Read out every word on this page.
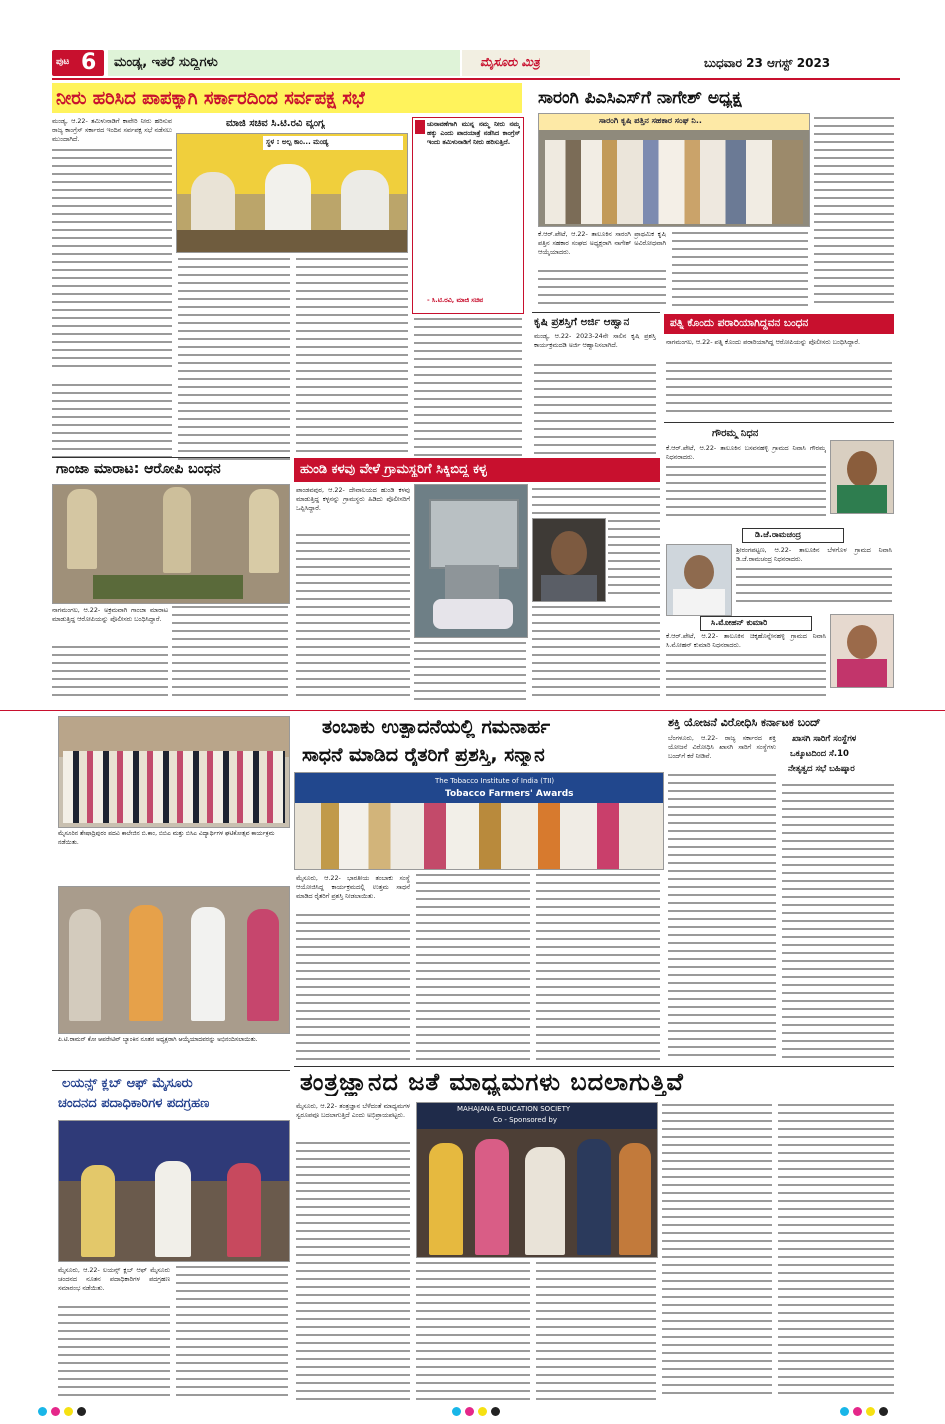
ಪುಟ 6 ಮಂಡ್ಯ, ಇತರೆ ಸುದ್ದಿಗಳು	ಮೈಸೂರು ಮಿತ್ರ	ಬುಧವಾರ 23 ಆಗಸ್ಟ್ 2023
ನೀರು ಹರಿಸಿದ ಪಾಪಕ್ಕಾಗಿ ಸರ್ಕಾರದಿಂದ ಸರ್ವಪಕ್ಷ ಸಭೆ
ಮಂಡ್ಯ, ಆ.22- ತಮಿಳುನಾಡಿಗೆ ಕಾವೇರಿ ನೀರು ಹರಿಸುವ ರಾಜ್ಯ ಕಾಂಗ್ರೆಸ್ ಸರ್ಕಾರದ ಇಂದಿನ ಸರ್ವಪಕ್ಷ ಸಭೆ ನಡೆಸಲು ಮುಂದಾಗಿದೆ.
ಮಾಜಿ ಸಚಿವ ಸಿ.ಟಿ.ರವಿ ವ್ಯಂಗ್ಯ
ಸ್ಥಳ : ಅಲ್ಪ ಕಾಂ... ಮಂಡ್ಯ
ಚುನಾವಣೆಗಾಗಿ ಮುನ್ನ ನಮ್ಮ ನೀರು ನಮ್ಮ ಹಕ್ಕು ಎಂದು ಪಾದಯಾತ್ರೆ ನಡೆಸಿದ ಕಾಂಗ್ರೆಸ್ ಇಂದು ತಮಿಳುನಾಡಿಗೆ ನೀರು ಹರಿಸುತ್ತಿದೆ.
- ಸಿ.ಟಿ.ರವಿ, ಮಾಜಿ ಸಚಿವ
ಸಾರಂಗಿ ಪಿಎಸಿಎಸ್‌ಗೆ ನಾಗೇಶ್ ಅಧ್ಯಕ್ಷ
ಸಾರಂಗಿ ಕೃಷಿ ಪತ್ತಿನ ಸಹಕಾರ ಸಂಘ ನಿ..
ಕೆ.ಆರ್.ಪೇಟೆ, ಆ.22- ತಾಲೂಕಿನ ಸಾರಂಗಿ ಪ್ರಾಥಮಿಕ ಕೃಷಿ ಪತ್ತಿನ ಸಹಕಾರ ಸಂಘದ ಅಧ್ಯಕ್ಷರಾಗಿ ನಾಗೇಶ್ ಅವಿರೋಧವಾಗಿ ಆಯ್ಕೆಯಾದರು.
ಕೃಷಿ ಪ್ರಶಸ್ತಿಗೆ ಅರ್ಜಿ ಆಹ್ವಾನ
ಮಂಡ್ಯ, ಆ.22- 2023-24ನೇ ಸಾಲಿನ ಕೃಷಿ ಪ್ರಶಸ್ತಿ ಕಾರ್ಯಕ್ರಮದಡಿ ಅರ್ಜಿ ಆಹ್ವಾನಿಸಲಾಗಿದೆ.
ಪತ್ನಿ ಕೊಂದು ಪರಾರಿಯಾಗಿದ್ದವನ ಬಂಧನ
ನಾಗಮಂಗಲ, ಆ.22- ಪತ್ನಿ ಕೊಂದು ಪರಾರಿಯಾಗಿದ್ದ ಆರೋಪಿಯನ್ನು ಪೊಲೀಸರು ಬಂಧಿಸಿದ್ದಾರೆ.
ಗೌರಮ್ಮ ನಿಧನ
ಕೆ.ಆರ್.ಪೇಟೆ, ಆ.22- ತಾಲೂಕಿನ ಬಸವನಹಳ್ಳಿ ಗ್ರಾಮದ ನಿವಾಸಿ ಗೌರಮ್ಮ ನಿಧನರಾದರು.
ಡಿ.ಜೆ.ರಾಮಚಂದ್ರ
ಶ್ರೀರಂಗಪಟ್ಟಣ, ಆ.22- ತಾಲೂಕಿನ ಬೆಳಗೊಳ ಗ್ರಾಮದ ನಿವಾಸಿ ಡಿ.ಜೆ.ರಾಮಚಂದ್ರ ನಿಧನರಾದರು.
ಸಿ.ಮೋಹನ್ ಕುಮಾರಿ
ಕೆ.ಆರ್.ಪೇಟೆ, ಆ.22- ತಾಲೂಕಿನ ಚಿಕ್ಕಹೊನ್ನೇನಹಳ್ಳಿ ಗ್ರಾಮದ ನಿವಾಸಿ ಸಿ.ಮೋಹನ್ ಕುಮಾರಿ ನಿಧನರಾದರು.
ಗಾಂಜಾ ಮಾರಾಟ: ಆರೋಪಿ ಬಂಧನ
ನಾಗಮಂಗಲ, ಆ.22- ಅಕ್ರಮವಾಗಿ ಗಾಂಜಾ ಮಾರಾಟ ಮಾಡುತ್ತಿದ್ದ ಆರೋಪಿಯನ್ನು ಪೊಲೀಸರು ಬಂಧಿಸಿದ್ದಾರೆ.
ಹುಂಡಿ ಕಳವು ವೇಳೆ ಗ್ರಾಮಸ್ಥರಿಗೆ ಸಿಕ್ಕಿಬಿದ್ದ ಕಳ್ಳ
ಪಾಂಡವಪುರ, ಆ.22- ದೇವಾಲಯದ ಹುಂಡಿ ಕಳವು ಮಾಡುತ್ತಿದ್ದ ಕಳ್ಳನನ್ನು ಗ್ರಾಮಸ್ಥರು ಹಿಡಿದು ಪೊಲೀಸರಿಗೆ ಒಪ್ಪಿಸಿದ್ದಾರೆ.
ಮೈಸೂರಿನ ಶೇಷಾದ್ರಿಪುರಂ ಪದವಿ ಕಾಲೇಜಿನ ಬಿ.ಕಾಂ, ಬಿಬಿಎ ಮತ್ತು ಬಿಸಿಎ ವಿದ್ಯಾರ್ಥಿಗಳ ಘಟಿಕೋತ್ಸವ ಕಾರ್ಯಕ್ರಮ ನಡೆಯಿತು.
ಪಿ.ಟಿ.ರಾಮನ್ ಕೋ ಆಪರೇಟಿವ್ ಬ್ಯಾಂಕಿನ ನೂತನ ಅಧ್ಯಕ್ಷರಾಗಿ ಆಯ್ಕೆಯಾದವರನ್ನು ಅಭಿನಂದಿಸಲಾಯಿತು.
ಲಯನ್ಸ್ ಕ್ಲಬ್ ಆಫ್ ಮೈಸೂರು
ಚಂದನದ ಪದಾಧಿಕಾರಿಗಳ ಪದಗ್ರಹಣ
ಮೈಸೂರು, ಆ.22- ಲಯನ್ಸ್ ಕ್ಲಬ್ ಆಫ್ ಮೈಸೂರು ಚಂದನದ ನೂತನ ಪದಾಧಿಕಾರಿಗಳ ಪದಗ್ರಹಣ ಸಮಾರಂಭ ನಡೆಯಿತು.
ತಂಬಾಕು ಉತ್ಪಾದನೆಯಲ್ಲಿ ಗಮನಾರ್ಹ
ಸಾಧನೆ ಮಾಡಿದ ರೈತರಿಗೆ ಪ್ರಶಸ್ತಿ, ಸನ್ಮಾನ
The Tobacco Institute of India (TII)
Tobacco Farmers' Awards
ಮೈಸೂರು, ಆ.22- ಭಾರತೀಯ ತಂಬಾಕು ಸಂಸ್ಥೆ ಆಯೋಜಿಸಿದ್ದ ಕಾರ್ಯಕ್ರಮದಲ್ಲಿ ಉತ್ತಮ ಸಾಧನೆ ಮಾಡಿದ ರೈತರಿಗೆ ಪ್ರಶಸ್ತಿ ನೀಡಲಾಯಿತು.
ಶಕ್ತಿ ಯೋಜನೆ ವಿರೋಧಿಸಿ ಕರ್ನಾಟಕ ಬಂದ್
ಖಾಸಗಿ ಸಾರಿಗೆ ಸಂಸ್ಥೆಗಳ
ಒಕ್ಕೂಟದಿಂದ ಸೆ.10
ನೇತೃತ್ವದ ಸಭೆ ಬಹಿಷ್ಕಾರ
ಬೆಂಗಳೂರು, ಆ.22- ರಾಜ್ಯ ಸರ್ಕಾರದ ಶಕ್ತಿ ಯೋಜನೆ ವಿರೋಧಿಸಿ ಖಾಸಗಿ ಸಾರಿಗೆ ಸಂಸ್ಥೆಗಳು ಬಂದ್‌ಗೆ ಕರೆ ನೀಡಿವೆ.
ತಂತ್ರಜ್ಞಾನದ ಜತೆ ಮಾಧ್ಯಮಗಳು ಬದಲಾಗುತ್ತಿವೆ
ಮೈಸೂರು, ಆ.22- ತಂತ್ರಜ್ಞಾನ ಬೆಳೆದಂತೆ ಮಾಧ್ಯಮಗಳ ಸ್ವರೂಪವೂ ಬದಲಾಗುತ್ತಿದೆ ಎಂದು ಅಭಿಪ್ರಾಯಪಟ್ಟರು.
MAHAJANA EDUCATION SOCIETY
Co - Sponsored by
